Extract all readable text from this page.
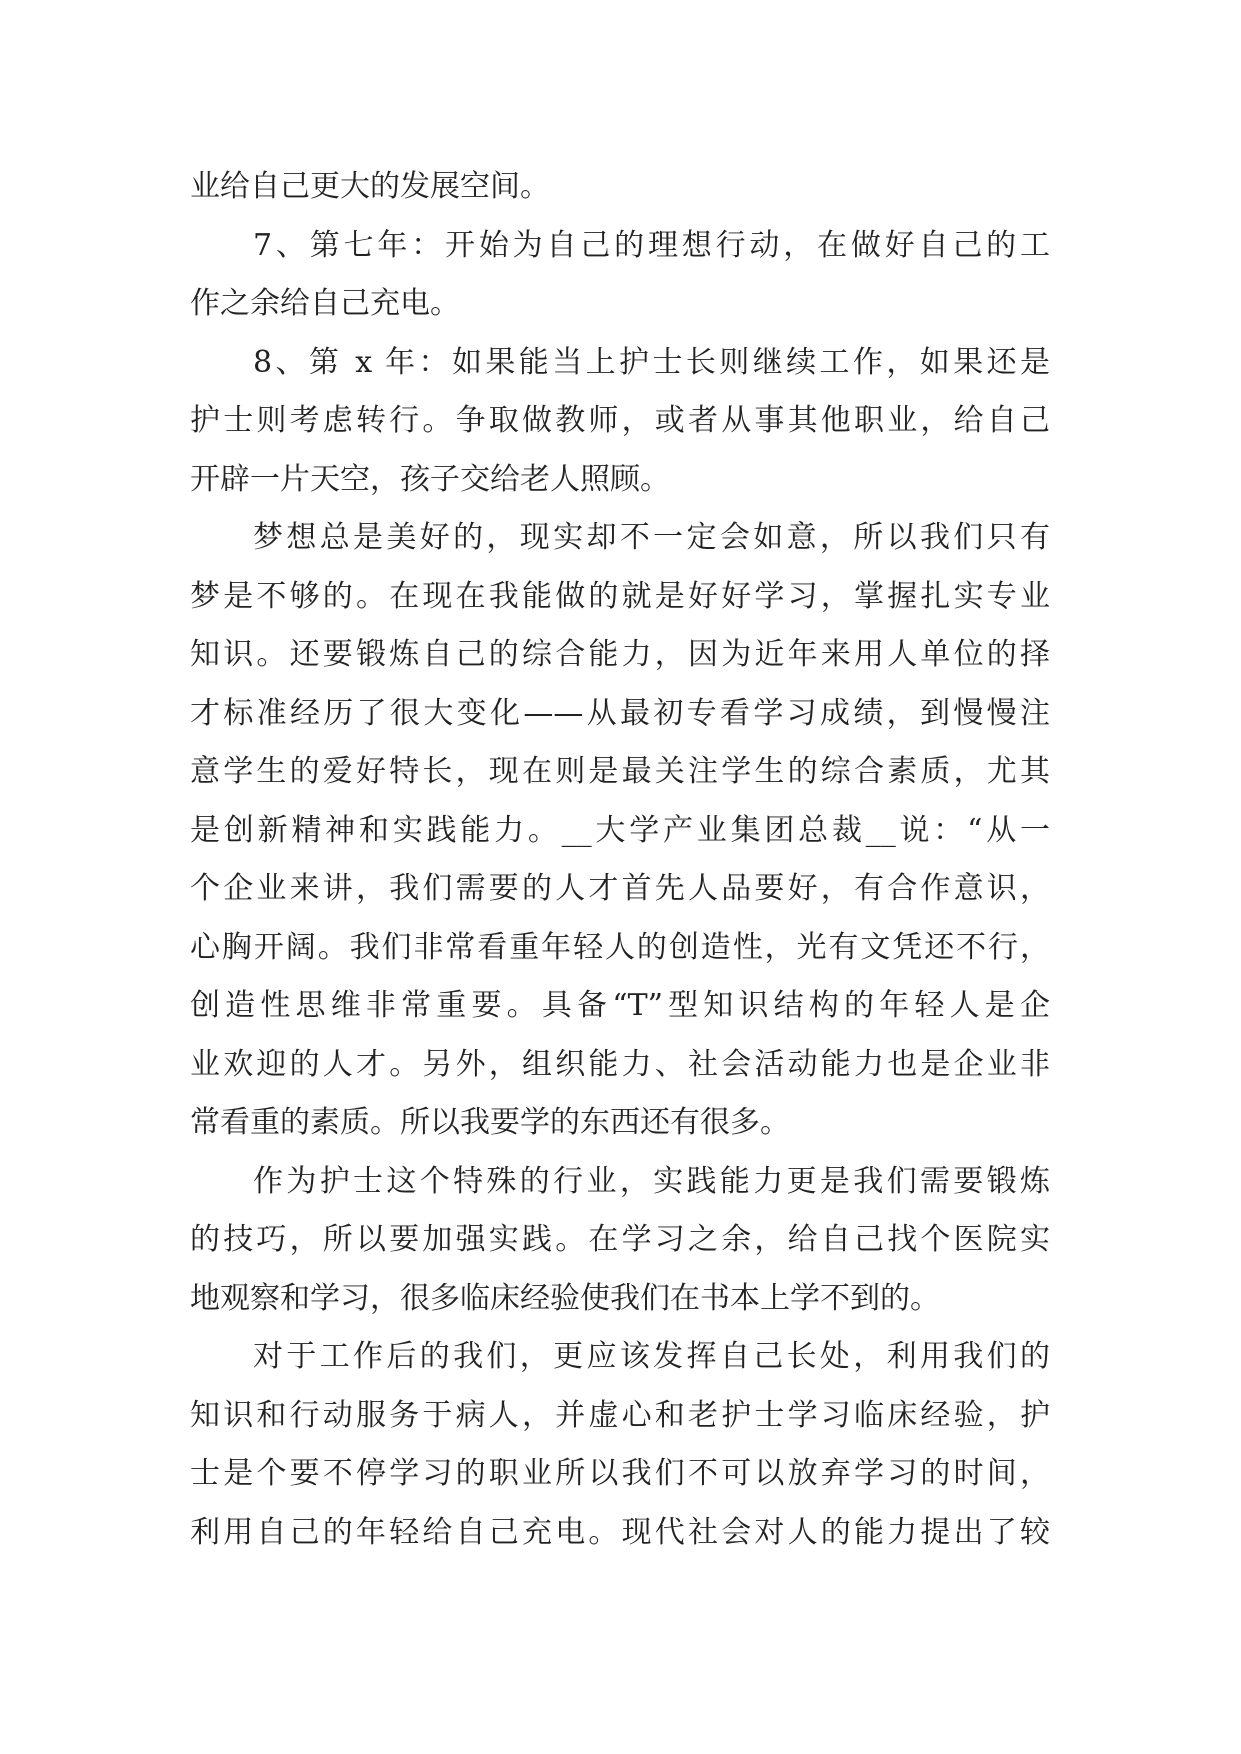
业给自己更大的发展空间。
7、第七年：开始为自己的理想行动，在做好自己的工
作之余给自己充电。
8、第 x 年：如果能当上护士长则继续工作，如果还是
护士则考虑转行。争取做教师，或者从事其他职业，给自己
开辟一片天空，孩子交给老人照顾。
梦想总是美好的，现实却不一定会如意，所以我们只有
梦是不够的。在现在我能做的就是好好学习，掌握扎实专业
知识。还要锻炼自己的综合能力，因为近年来用人单位的择
才标准经历了很大变化——从最初专看学习成绩，到慢慢注
意学生的爱好特长，现在则是最关注学生的综合素质，尤其
是创新精神和实践能力。__大学产业集团总裁__说：“从一
个企业来讲，我们需要的人才首先人品要好，有合作意识，
心胸开阔。我们非常看重年轻人的创造性，光有文凭还不行，
创造性思维非常重要。具备“T”型知识结构的年轻人是企
业欢迎的人才。另外，组织能力、社会活动能力也是企业非
常看重的素质。所以我要学的东西还有很多。
作为护士这个特殊的行业，实践能力更是我们需要锻炼
的技巧，所以要加强实践。在学习之余，给自己找个医院实
地观察和学习，很多临床经验使我们在书本上学不到的。
对于工作后的我们，更应该发挥自己长处，利用我们的
知识和行动服务于病人，并虚心和老护士学习临床经验，护
士是个要不停学习的职业所以我们不可以放弃学习的时间，
利用自己的年轻给自己充电。现代社会对人的能力提出了较
